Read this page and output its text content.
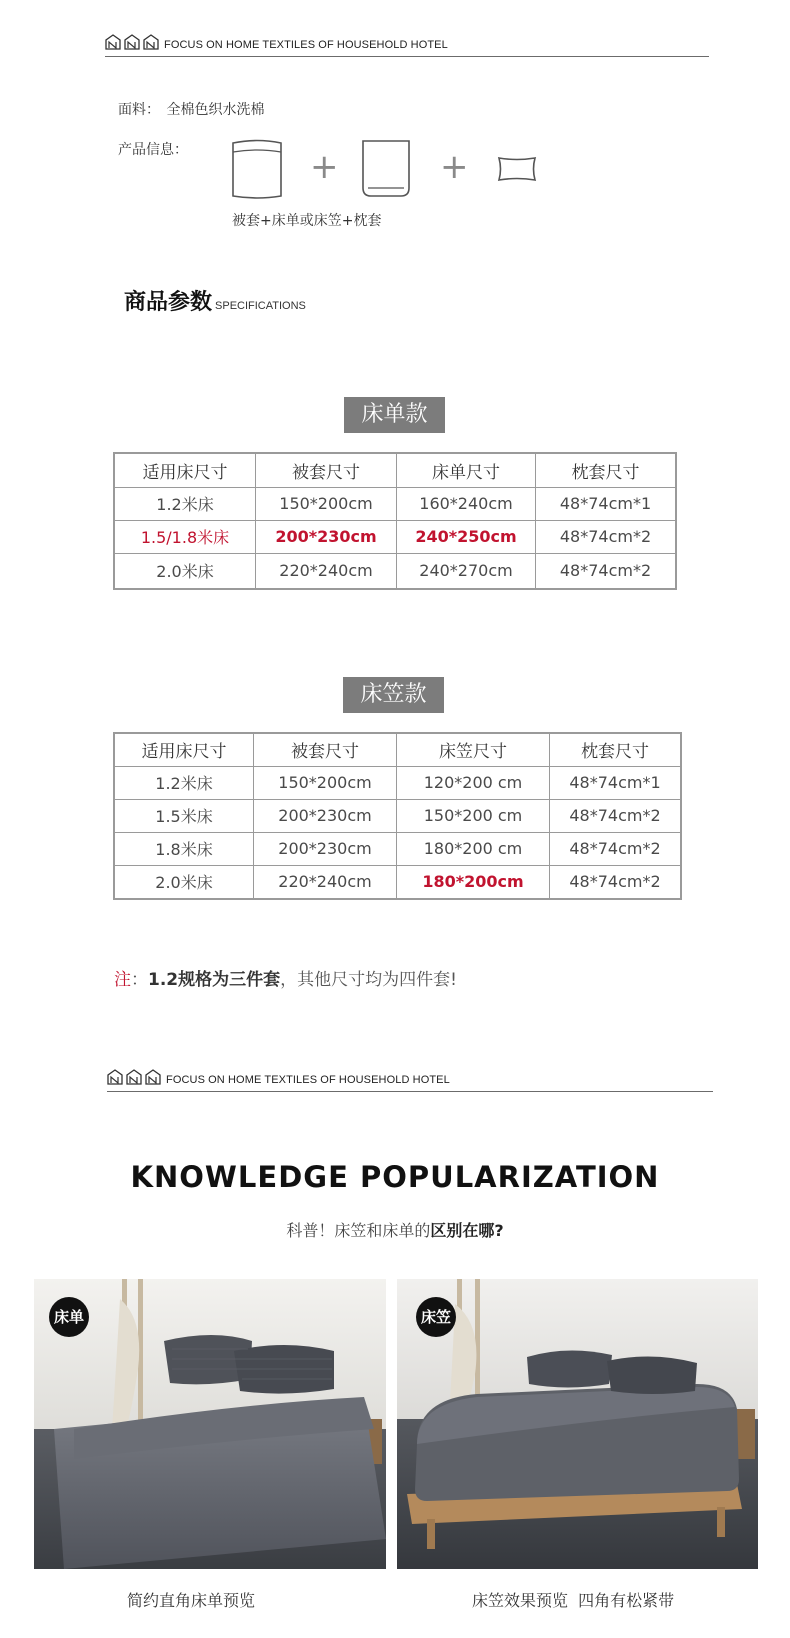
FOCUS ON HOME TEXTILES OF HOUSEHOLD HOTEL
面料： 全棉色织水洗棉
产品信息：	+	+
被套+床单或床笠+枕套
商品参数 SPECIFICATIONS
床单款
适用床尺寸	被套尺寸	床单尺寸	枕套尺寸
1.2米床	150*200cm	160*240cm	48*74cm*1
1.5/1.8米床	200*230cm	240*250cm	48*74cm*2
2.0米床	220*240cm	240*270cm	48*74cm*2
床笠款
适用床尺寸	被套尺寸	床笠尺寸	枕套尺寸
1.2米床	150*200cm	120*200 cm	48*74cm*1
1.5米床	200*230cm	150*200 cm	48*74cm*2
1.8米床	200*230cm	180*200 cm	48*74cm*2
2.0米床	220*240cm	180*200cm	48*74cm*2
注：1.2规格为三件套，其他尺寸均为四件套!
FOCUS ON HOME TEXTILES OF HOUSEHOLD HOTEL
KNOWLEDGE POPULARIZATION
科普！床笠和床单的区别在哪?
床单
简约直角床单预览
床笠
床笠效果预览  四角有松紧带
